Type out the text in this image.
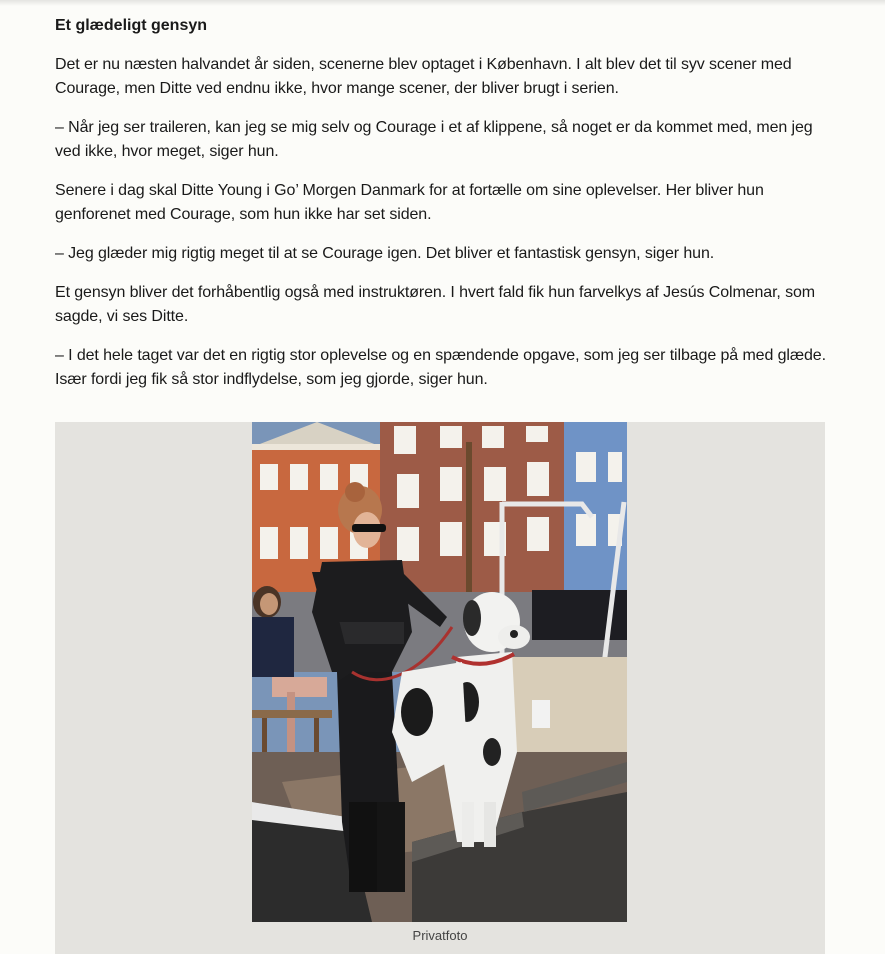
Et glædeligt gensyn

Det er nu næsten halvandet år siden, scenerne blev optaget i København. I alt blev det til syv scener med Courage, men Ditte ved endnu ikke, hvor mange scener, der bliver brugt i serien.

– Når jeg ser traileren, kan jeg se mig selv og Courage i et af klippene, så noget er da kommet med, men jeg ved ikke, hvor meget, siger hun.

Senere i dag skal Ditte Young i Go’ Morgen Danmark for at fortælle om sine oplevelser. Her bliver hun genforenet med Courage, som hun ikke har set siden.

– Jeg glæder mig rigtig meget til at se Courage igen. Det bliver et fantastisk gensyn, siger hun.

Et gensyn bliver det forhåbentlig også med instruktøren. I hvert fald fik hun farvelkys af Jesús Colmenar, som sagde, vi ses Ditte.

– I det hele taget var det en rigtig stor oplevelse og en spændende opgave, som jeg ser tilbage på med glæde. Især fordi jeg fik så stor indflydelse, som jeg gjorde, siger hun.

Privatfoto
